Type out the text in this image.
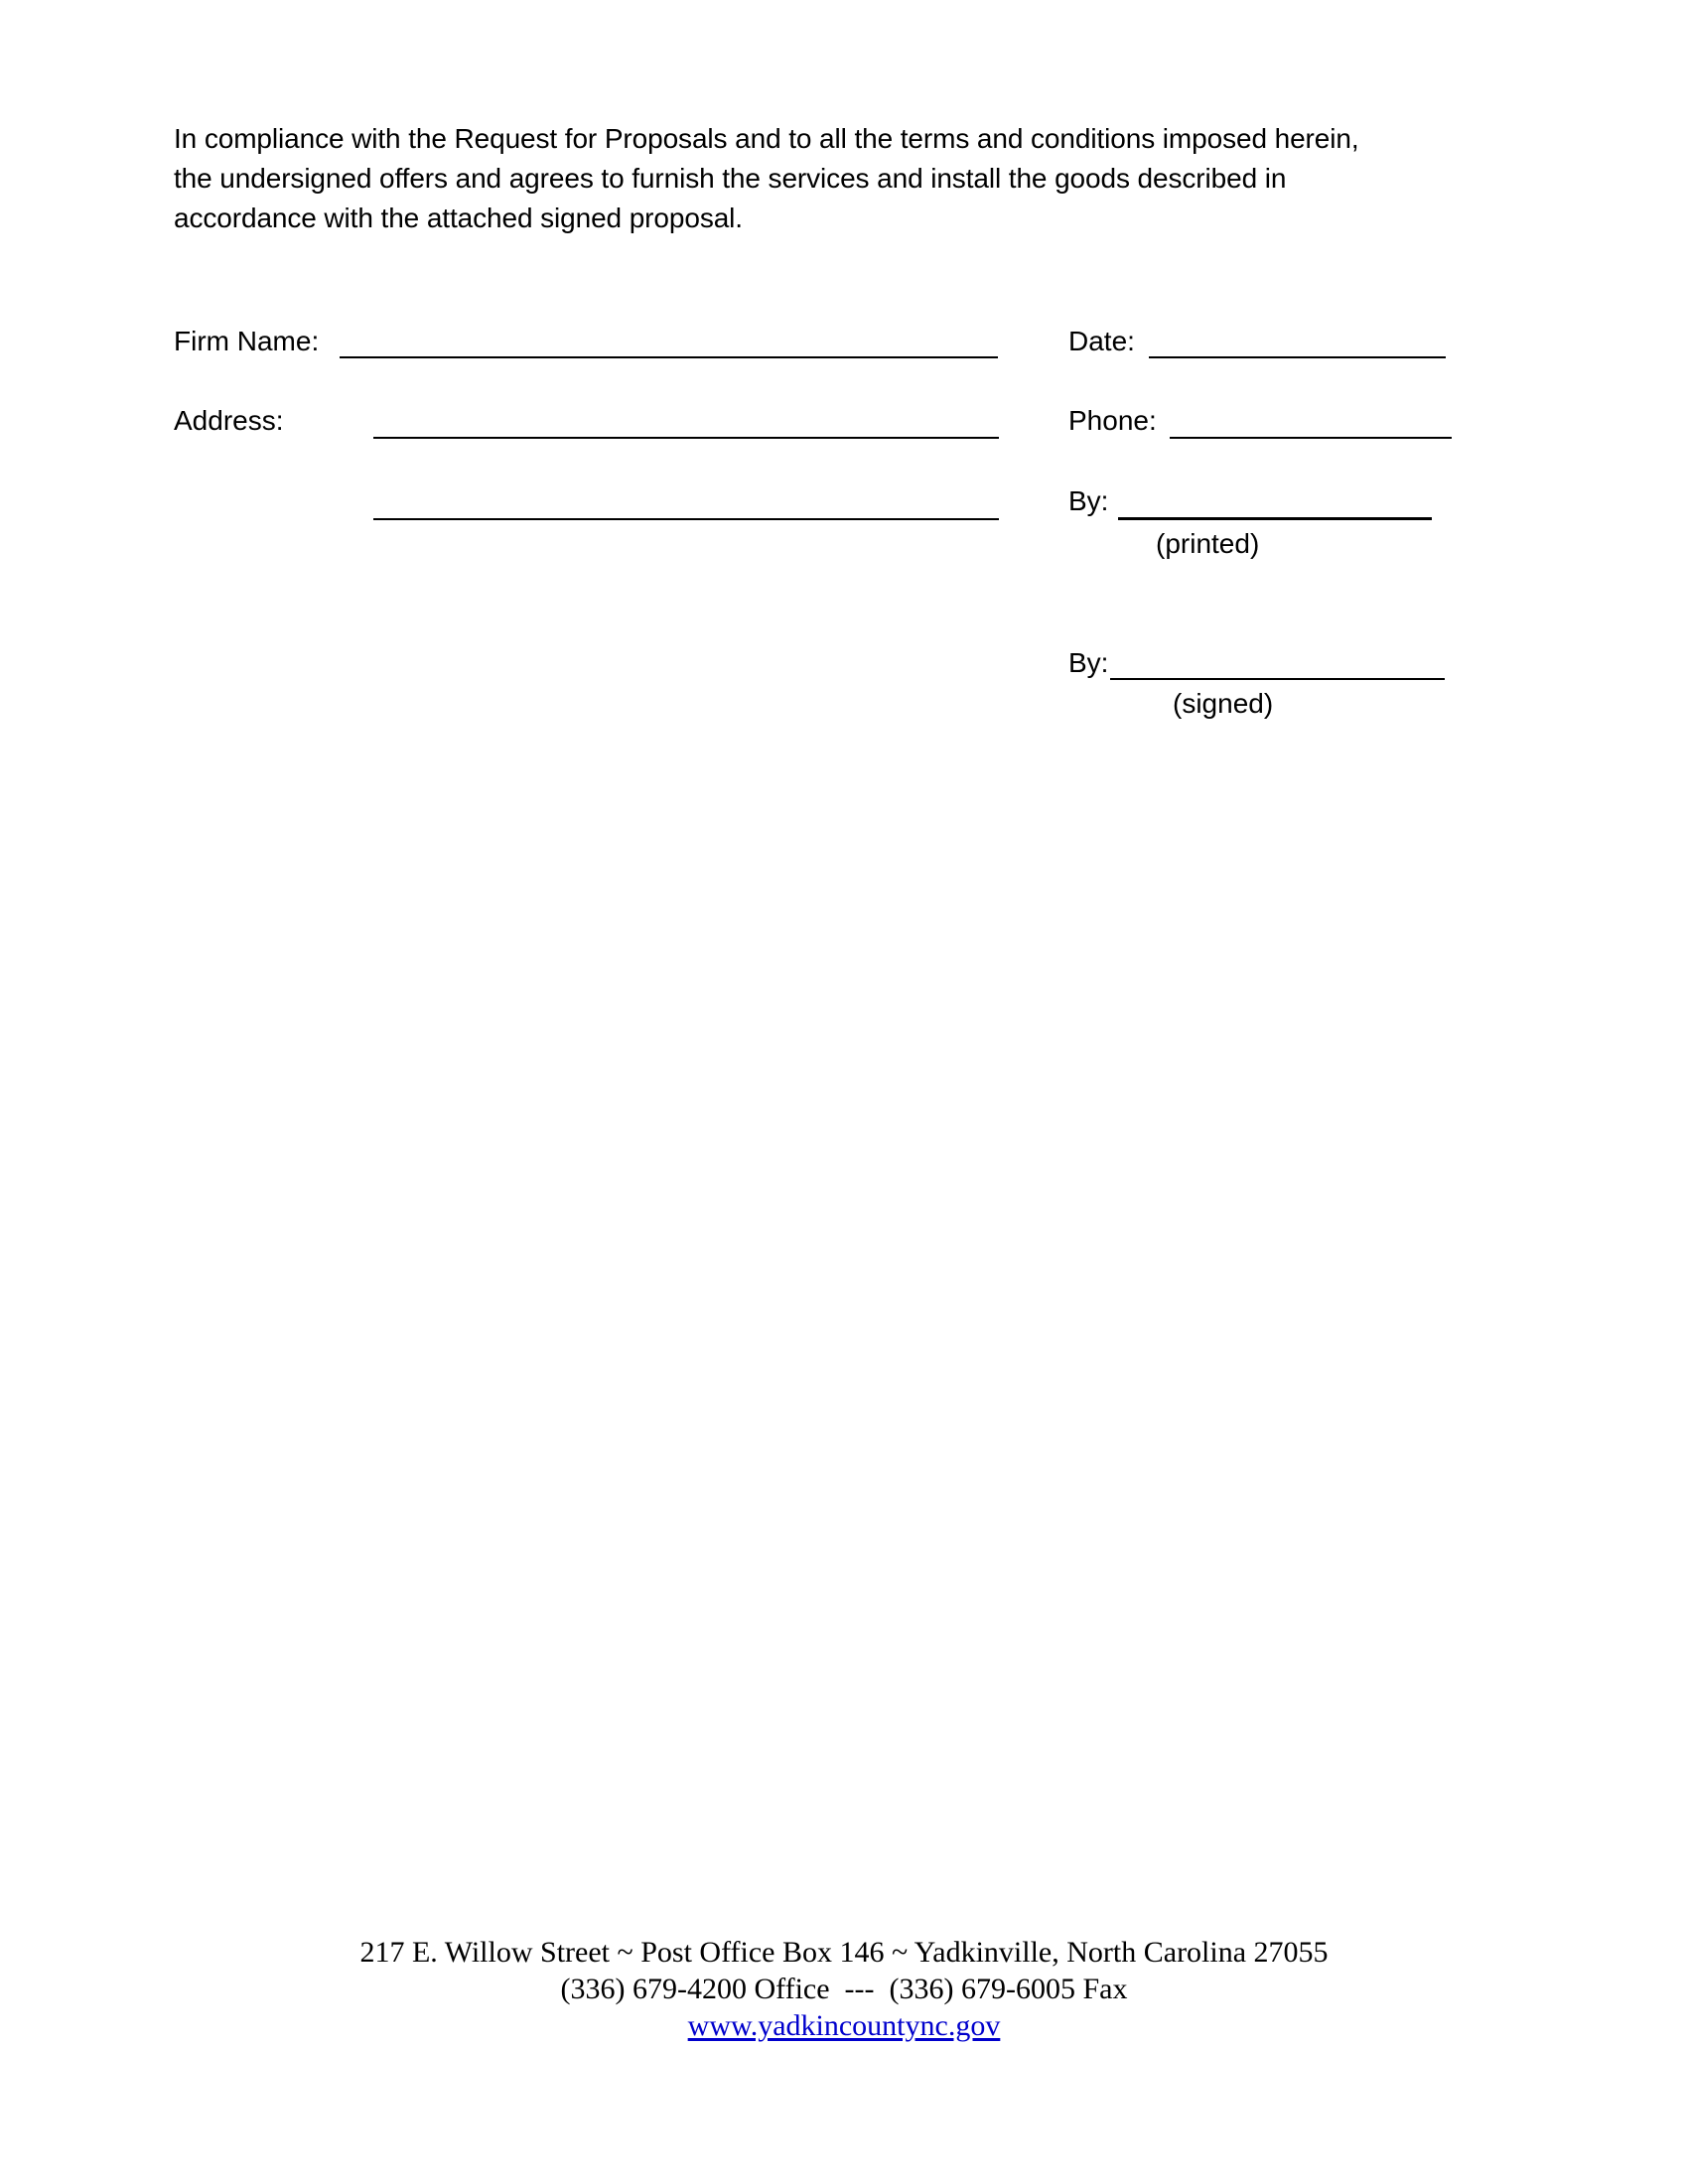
In compliance with the Request for Proposals and to all the terms and conditions imposed herein,
the undersigned offers and agrees to furnish the services and install the goods described in
accordance with the attached signed proposal.
Firm Name:
Address:
Date:
Phone:
By:
(printed)
By:
(signed)
217 E. Willow Street ~ Post Office Box 146 ~ Yadkinville, North Carolina 27055
(336) 679-4200 Office  ---  (336) 679-6005 Fax
www.yadkincountync.gov
